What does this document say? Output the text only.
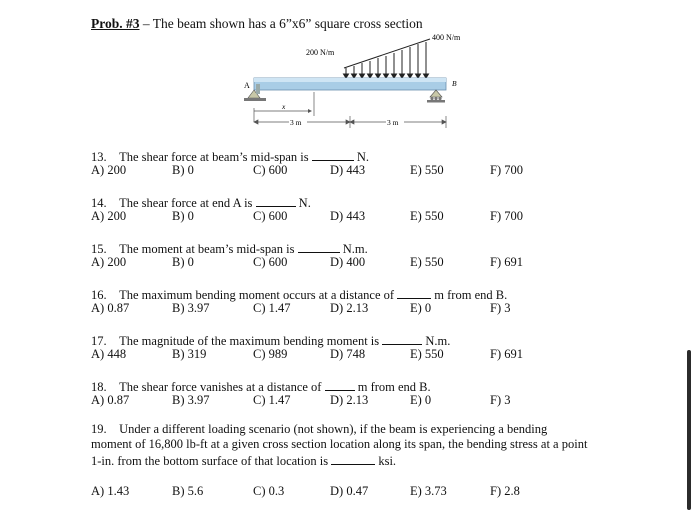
Prob. #3 – The beam shown has a 6”x6” square cross section
200 N/m
400 N/m
A	B
x
3 m	3 m
13. The shear force at beam’s mid-span is	N.
A) 200	B) 0	C) 600	D) 443	E) 550	F) 700
14. The shear force at end A is	N.
A) 200	B) 0	C) 600	D) 443	E) 550	F) 700
15. The moment at beam’s mid-span is	N.m.
A) 200	B) 0	C) 600	D) 400	E) 550	F) 691
16. The maximum bending moment occurs at a distance of	m from end B.
A) 0.87	B) 3.97	C) 1.47	D) 2.13	E) 0	F) 3
17. The magnitude of the maximum bending moment is	N.m.
A) 448	B) 319	C) 989	D) 748	E) 550	F) 691
18. The shear force vanishes at a distance of	m from end B.
A) 0.87	B) 3.97	C) 1.47	D) 2.13	E) 0	F) 3
19. Under a different loading scenario (not shown), if the beam is experiencing a bending moment of 16,800 lb-ft at a given cross section location along its span, the bending stress at a point 1-in. from the bottom surface of that location is	ksi.
A) 1.43	B) 5.6	C) 0.3	D) 0.47	E) 3.73	F) 2.8
